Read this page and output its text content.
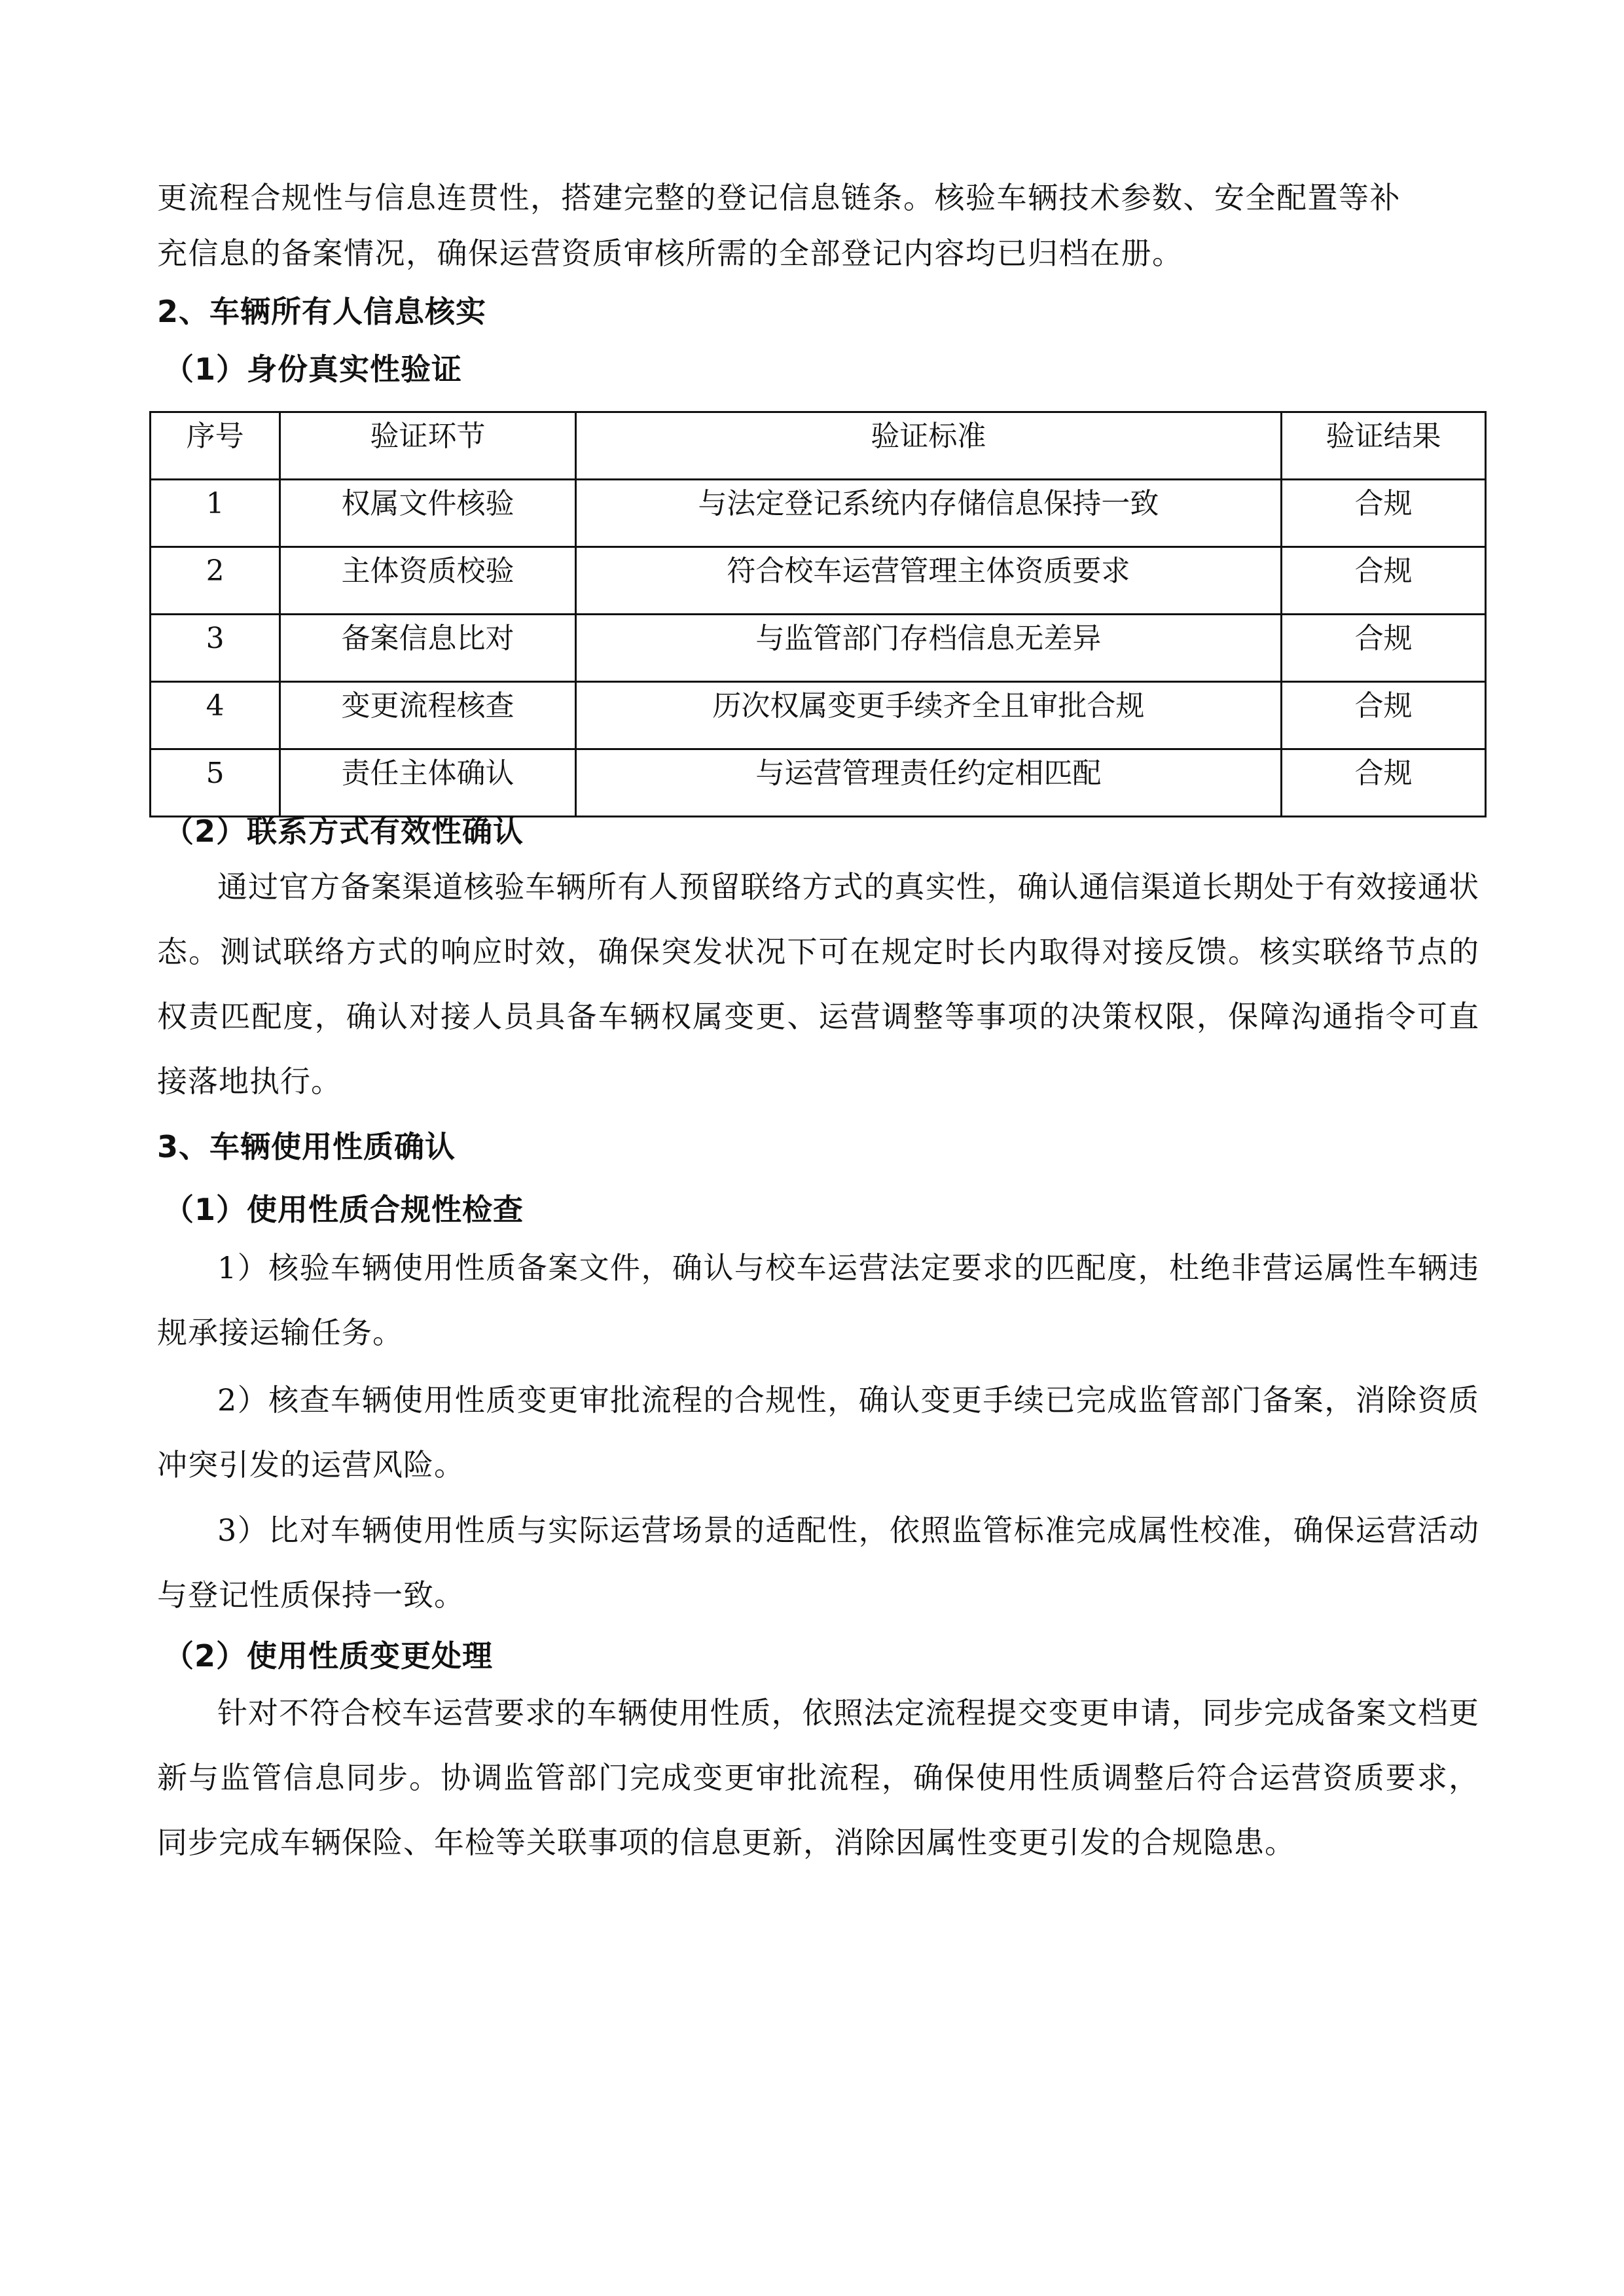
更流程合规性与信息连贯性，搭建完整的登记信息链条。核验车辆技术参数、安全配置等补
充信息的备案情况，确保运营资质审核所需的全部登记内容均已归档在册。
2、车辆所有人信息核实
（1）身份真实性验证
序号	验证环节	验证标准	验证结果
1	权属文件核验	与法定登记系统内存储信息保持一致	合规
2	主体资质校验	符合校车运营管理主体资质要求	合规
3	备案信息比对	与监管部门存档信息无差异	合规
4	变更流程核查	历次权属变更手续齐全且审批合规	合规
5	责任主体确认	与运营管理责任约定相匹配	合规
（2）联系方式有效性确认
通过官方备案渠道核验车辆所有人预留联络方式的真实性，确认通信渠道长期处于有效接通状态。测试联络方式的响应时效，确保突发状况下可在规定时长内取得对接反馈。核实联络节点的权责匹配度，确认对接人员具备车辆权属变更、运营调整等事项的决策权限，保障沟通指令可直接落地执行。
3、车辆使用性质确认
（1）使用性质合规性检查
1）核验车辆使用性质备案文件，确认与校车运营法定要求的匹配度，杜绝非营运属性车辆违规承接运输任务。
2）核查车辆使用性质变更审批流程的合规性，确认变更手续已完成监管部门备案，消除资质冲突引发的运营风险。
3）比对车辆使用性质与实际运营场景的适配性，依照监管标准完成属性校准，确保运营活动与登记性质保持一致。
（2）使用性质变更处理
针对不符合校车运营要求的车辆使用性质，依照法定流程提交变更申请，同步完成备案文档更新与监管信息同步。协调监管部门完成变更审批流程，确保使用性质调整后符合运营资质要求，同步完成车辆保险、年检等关联事项的信息更新，消除因属性变更引发的合规隐患。
